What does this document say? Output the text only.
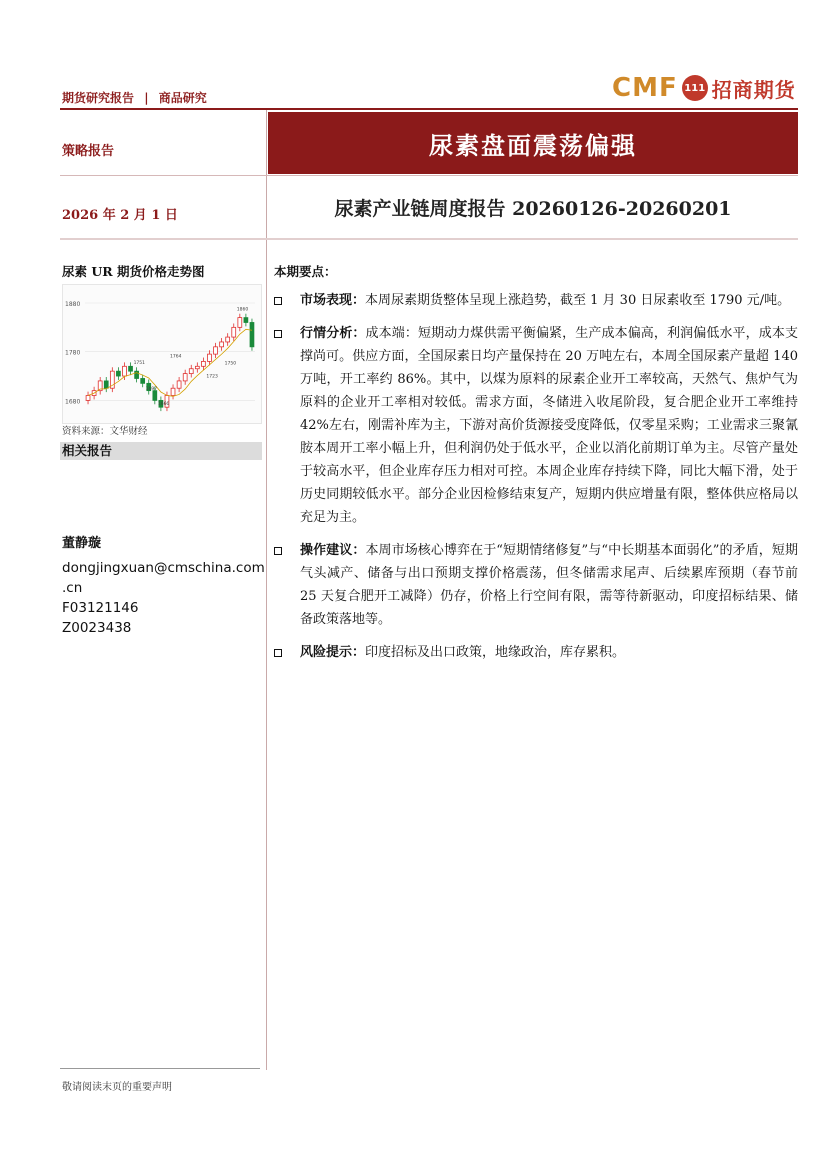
期货研究报告 | 商品研究	CMF 111 招商期货
策略报告	尿素盘面震荡偏强
2026 年 2 月 1 日	尿素产业链周度报告 20260126-20260201
尿素 UR 期货价格走势图
1880
1780
1680
1860
1751
1764
1750
1697
1666
1723
资料来源：文华财经
相关报告
董静璇
dongjingxuan@cmschina.com
.cn
F03121146
Z0023438
本期要点：
市场表现：本周尿素期货整体呈现上涨趋势，截至 1 月 30 日尿素收至 1790 元/吨。
行情分析：成本端：短期动力煤供需平衡偏紧，生产成本偏高，利润偏低水平，成本支撑尚可。供应方面，全国尿素日均产量保持在 20 万吨左右，本周全国尿素产量超 140 万吨，开工率约 86%。其中，以煤为原料的尿素企业开工率较高，天然气、焦炉气为原料的企业开工率相对较低。需求方面，冬储进入收尾阶段，复合肥企业开工率维持 42%左右，刚需补库为主，下游对高价货源接受度降低，仅零星采购；工业需求三聚氰胺本周开工率小幅上升，但利润仍处于低水平，企业以消化前期订单为主。尽管产量处于较高水平，但企业库存压力相对可控。本周企业库存持续下降，同比大幅下滑，处于历史同期较低水平。部分企业因检修结束复产，短期内供应增量有限，整体供应格局以充足为主。
操作建议：本周市场核心博弈在于“短期情绪修复”与“中长期基本面弱化”的矛盾，短期气头减产、储备与出口预期支撑价格震荡，但冬储需求尾声、后续累库预期（春节前 25 天复合肥开工减降）仍存，价格上行空间有限，需等待新驱动，印度招标结果、储备政策落地等。
风险提示：印度招标及出口政策，地缘政治，库存累积。
敬请阅读末页的重要声明
